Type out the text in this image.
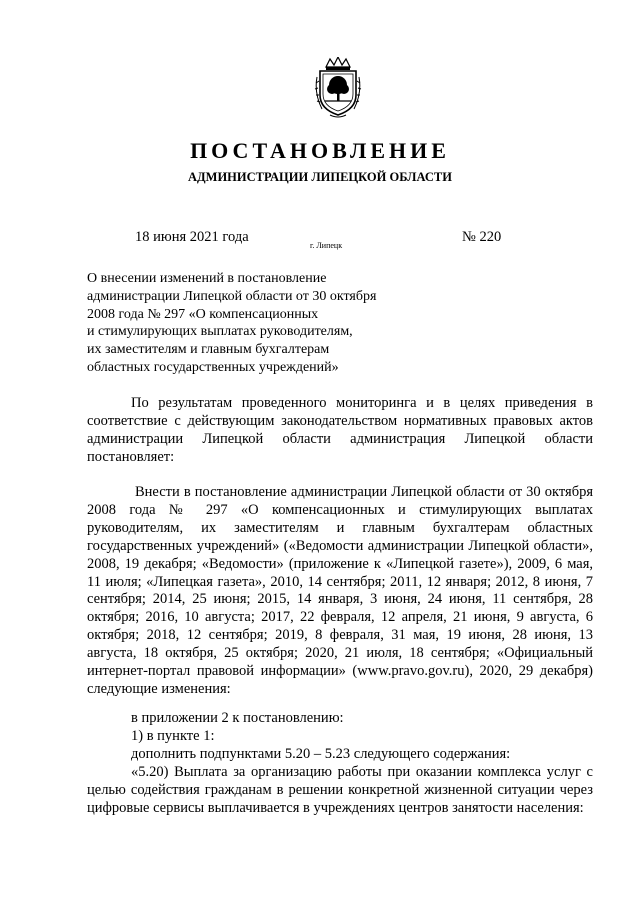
ПОСТАНОВЛЕНИЕ
АДМИНИСТРАЦИИ ЛИПЕЦКОЙ ОБЛАСТИ
18 июня 2021 года
г. Липецк
№ 220
О внесении изменений в постановление
администрации Липецкой области от 30 октября
2008 года № 297 «О компенсационных
и стимулирующих выплатах руководителям,
их заместителям и главным бухгалтерам
областных государственных учреждений»
По результатам проведенного мониторинга и в целях приведения в соответствие с действующим законодательством нормативных правовых актов администрации Липецкой области администрация Липецкой области постановляет:
Внести в постановление администрации Липецкой области от 30 октября 2008 года № 297 «О компенсационных и стимулирующих выплатах руководителям, их заместителям и главным бухгалтерам областных государственных учреждений» («Ведомости администрации Липецкой области», 2008, 19 декабря; «Ведомости» (приложение к «Липецкой газете»), 2009, 6 мая, 11 июля; «Липецкая газета», 2010, 14 сентября; 2011, 12 января; 2012, 8 июня, 7 сентября; 2014, 25 июня; 2015, 14 января, 3 июня, 24 июня, 11 сентября, 28 октября; 2016, 10 августа; 2017, 22 февраля, 12 апреля, 21 июня, 9 августа, 6 октября; 2018, 12 сентября; 2019, 8 февраля, 31 мая, 19 июня, 28 июня, 13 августа, 18 октября, 25 октября; 2020, 21 июля, 18 сентября; «Официальный интернет-портал правовой информации» (www.pravo.gov.ru), 2020, 29 декабря) следующие изменения:
в приложении 2 к постановлению:
1) в пункте 1:
дополнить подпунктами 5.20 – 5.23 следующего содержания:
«5.20) Выплата за организацию работы при оказании комплекса услуг с целью содействия гражданам в решении конкретной жизненной ситуации через цифровые сервисы выплачивается в учреждениях центров занятости населения:
